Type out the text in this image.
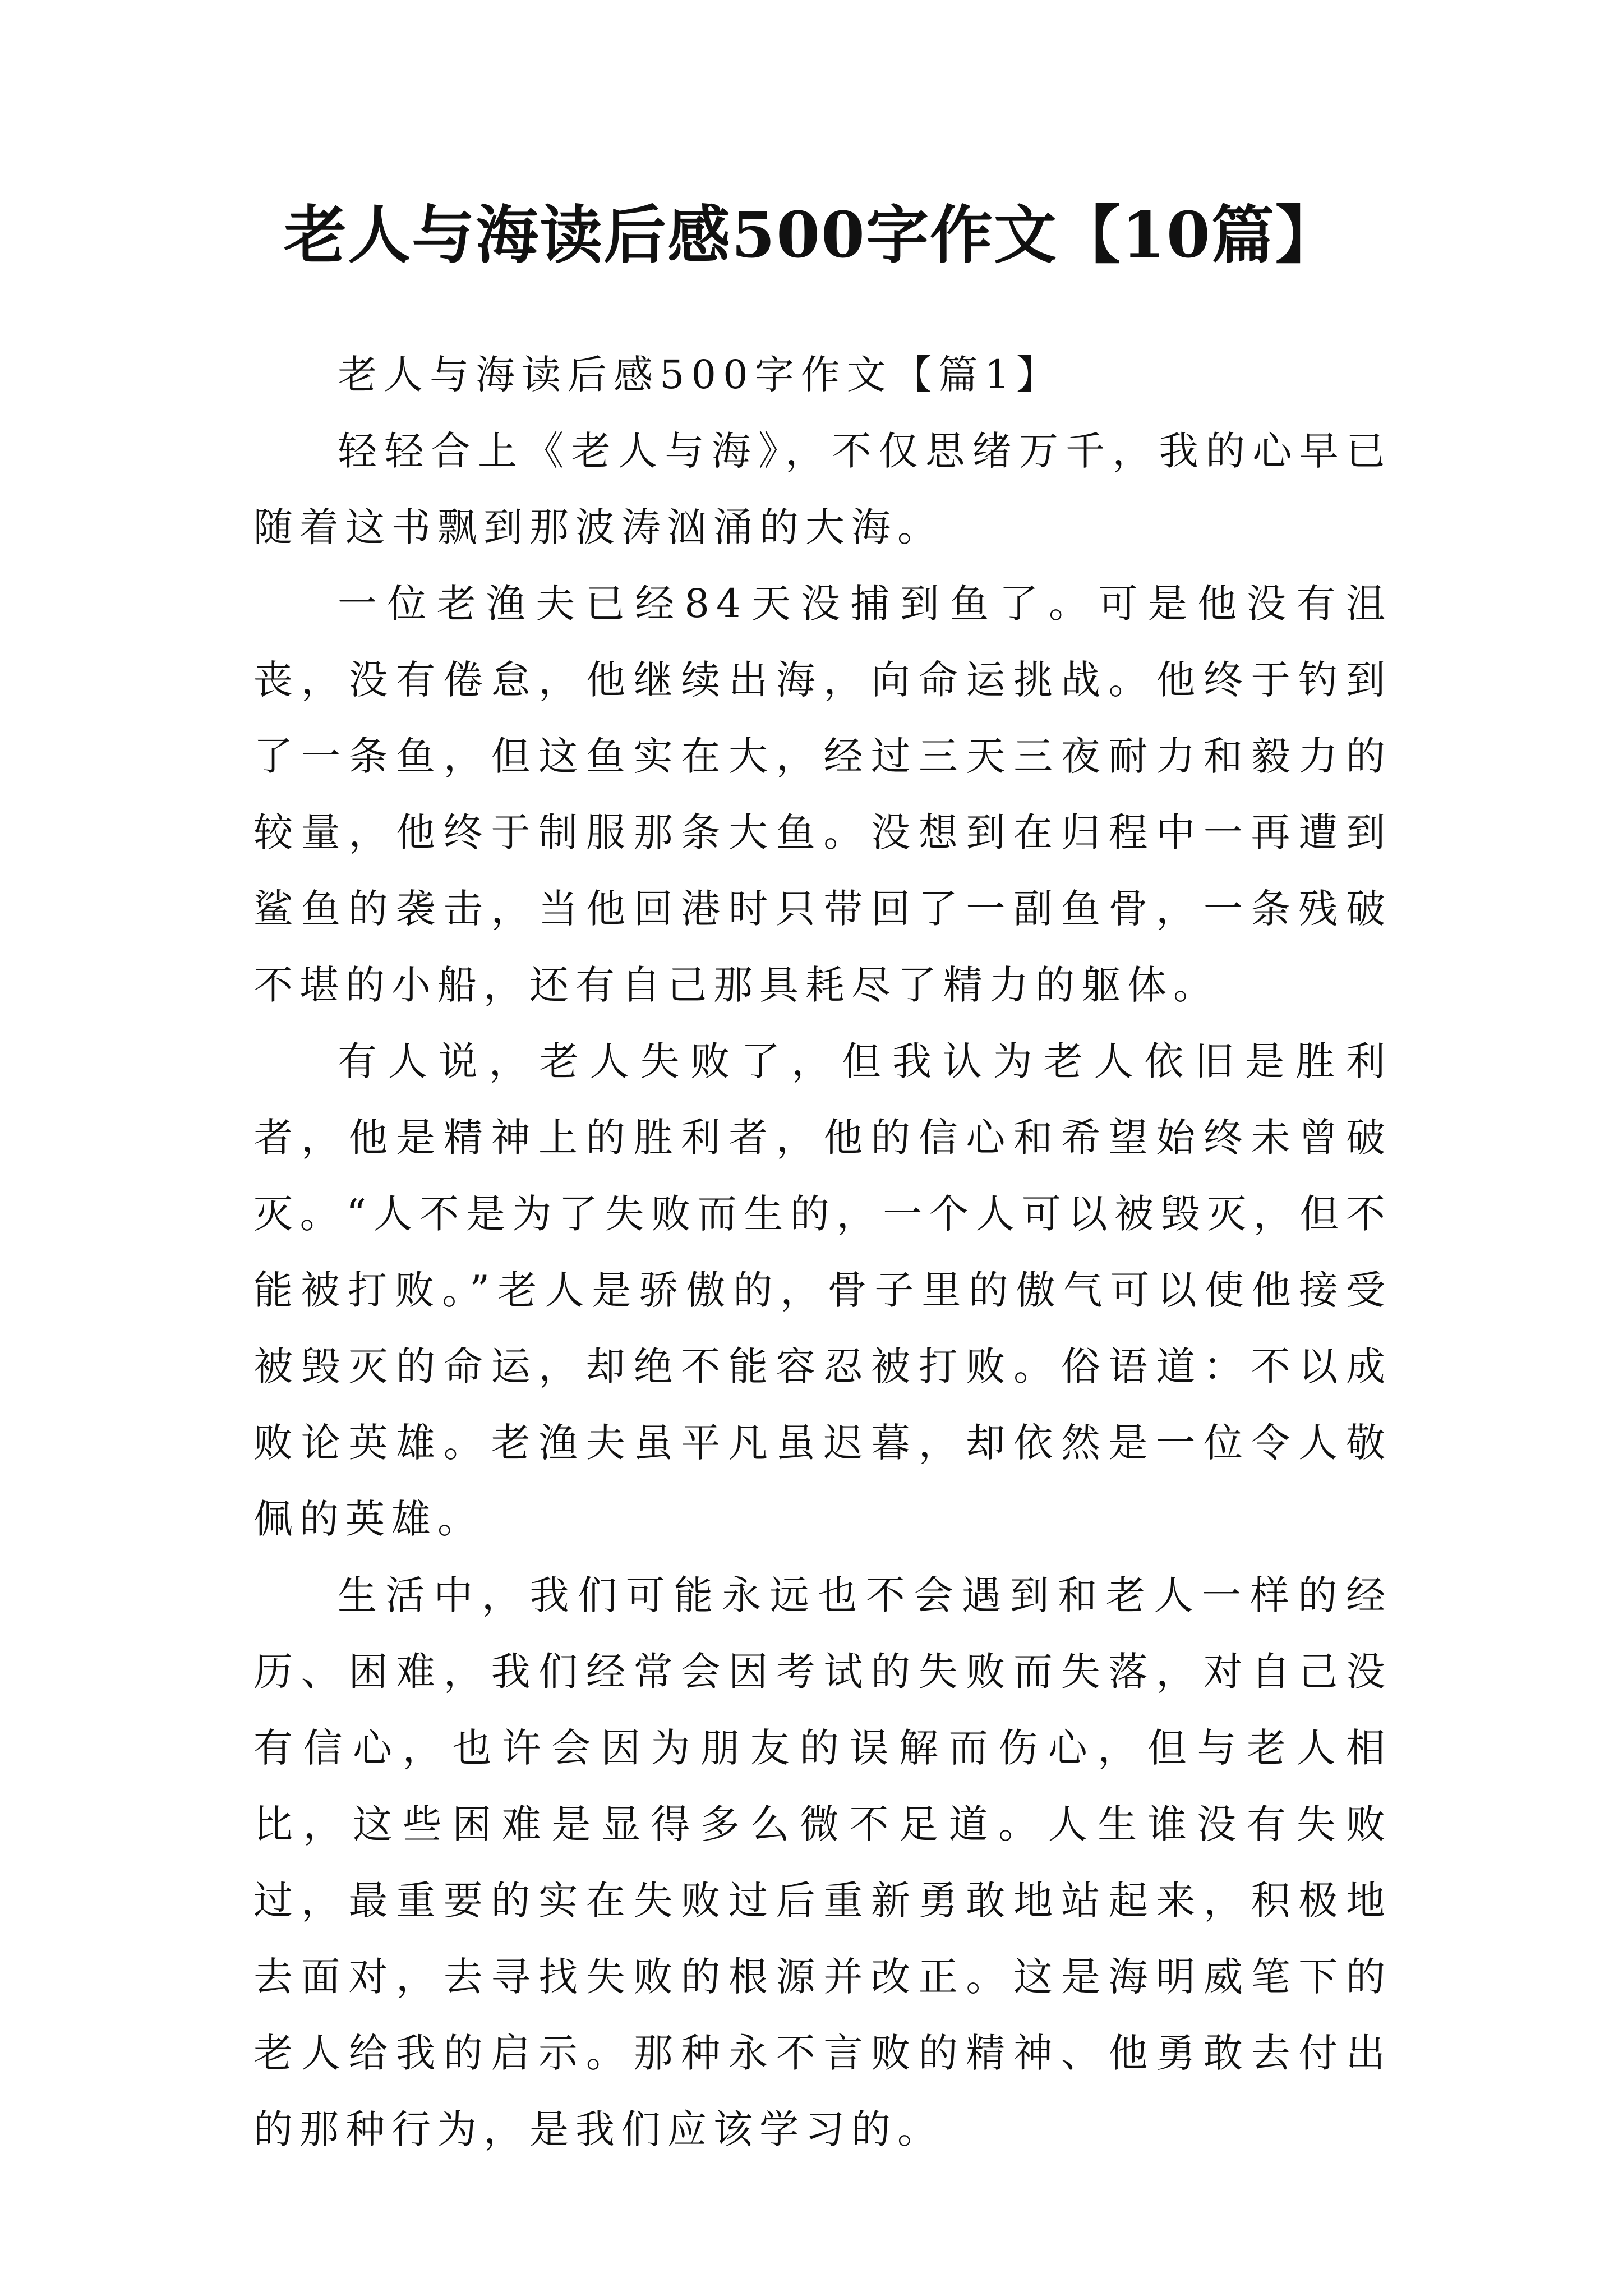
老人与海读后感500字作文【10篇】
老人与海读后感500字作文【篇1】

轻轻合上《老人与海》，不仅思绪万千，我的心早已随着这书飘到那波涛汹涌的大海。

一位老渔夫已经84天没捕到鱼了。可是他没有沮丧，没有倦怠，他继续出海，向命运挑战。他终于钓到了一条鱼，但这鱼实在大，经过三天三夜耐力和毅力的较量，他终于制服那条大鱼。没想到在归程中一再遭到鲨鱼的袭击，当他回港时只带回了一副鱼骨，一条残破不堪的小船，还有自己那具耗尽了精力的躯体。

有人说，老人失败了，但我认为老人依旧是胜利者，他是精神上的胜利者，他的信心和希望始终未曾破灭。“人不是为了失败而生的，一个人可以被毁灭，但不能被打败。”老人是骄傲的，骨子里的傲气可以使他接受被毁灭的命运，却绝不能容忍被打败。俗语道：不以成败论英雄。老渔夫虽平凡虽迟暮，却依然是一位令人敬佩的英雄。

生活中，我们可能永远也不会遇到和老人一样的经历、困难，我们经常会因考试的失败而失落，对自己没有信心，也许会因为朋友的误解而伤心，但与老人相比，这些困难是显得多么微不足道。人生谁没有失败过，最重要的实在失败过后重新勇敢地站起来，积极地去面对，去寻找失败的根源并改正。这是海明威笔下的老人给我的启示。那种永不言败的精神、他勇敢去付出的那种行为，是我们应该学习的。
